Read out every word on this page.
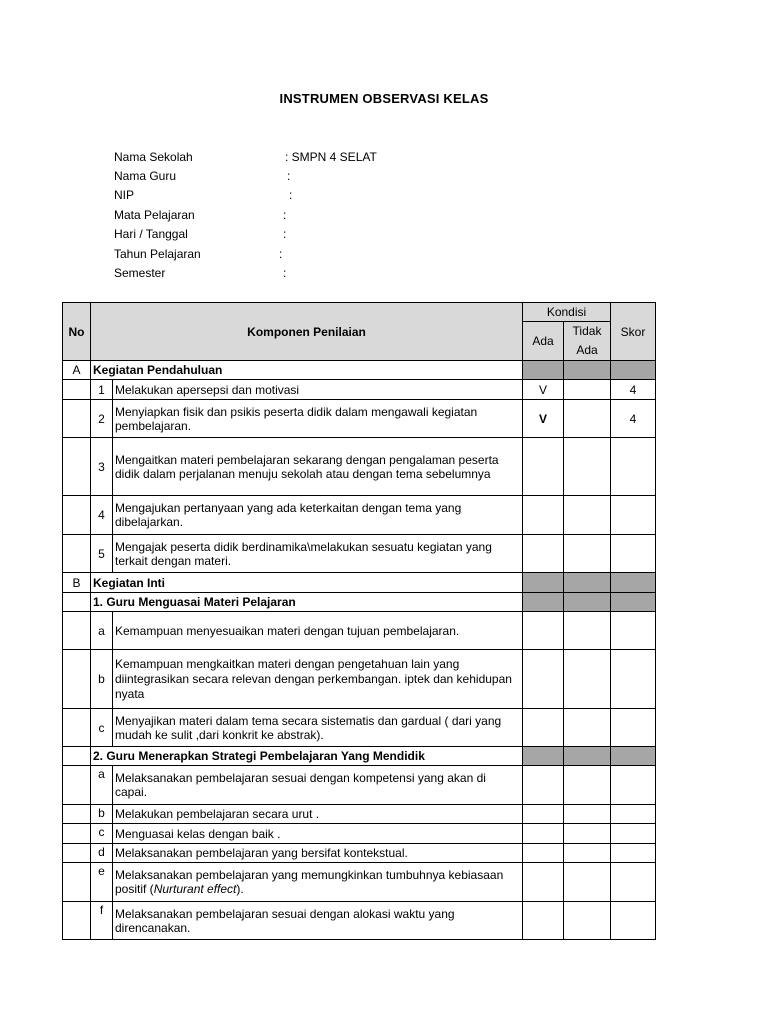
INSTRUMEN OBSERVASI KELAS
Nama Sekolah	: SMPN 4 SELAT
Nama Guru	:
NIP	:
Mata Pelajaran	:
Hari / Tanggal	:
Tahun Pelajaran	:
Semester	:
No	Komponen Penilaian		Kondisi		Skor
			Ada	Tidak Ada	

A	Kegiatan Pendahuluan				
	1	Melakukan apersepsi dan motivasi	V		4
	2	Menyiapkan fisik dan psikis peserta didik dalam mengawali kegiatan pembelajaran.	V		4
	3	Mengaitkan materi pembelajaran sekarang dengan pengalaman peserta didik dalam perjalanan menuju sekolah atau dengan tema sebelumnya			
	4	Mengajukan pertanyaan yang ada keterkaitan dengan tema yang dibelajarkan.			
	5	Mengajak peserta didik berdinamika\melakukan sesuatu kegiatan yang terkait dengan materi.			
B	Kegiatan Inti				
	1. Guru Menguasai Materi Pelajaran				
	a	Kemampuan menyesuaikan materi dengan tujuan pembelajaran.			
	b	Kemampuan mengkaitkan materi dengan pengetahuan lain yang diintegrasikan secara relevan dengan perkembangan. iptek dan kehidupan nyata			
	c	Menyajikan materi dalam tema secara sistematis dan gardual ( dari yang mudah ke sulit ,dari konkrit ke abstrak).			
	2. Guru Menerapkan Strategi Pembelajaran Yang Mendidik				
	a	Melaksanakan pembelajaran sesuai dengan kompetensi yang akan di capai.			
	b	Melakukan pembelajaran secara urut .			
	c	Menguasai kelas dengan baik .			
	d	Melaksanakan pembelajaran yang bersifat kontekstual.			
	e	Melaksanakan pembelajaran yang memungkinkan tumbuhnya kebiasaan positif (Nurturant effect).			
	f	Melaksanakan pembelajaran sesuai dengan alokasi waktu yang direncanakan.			
